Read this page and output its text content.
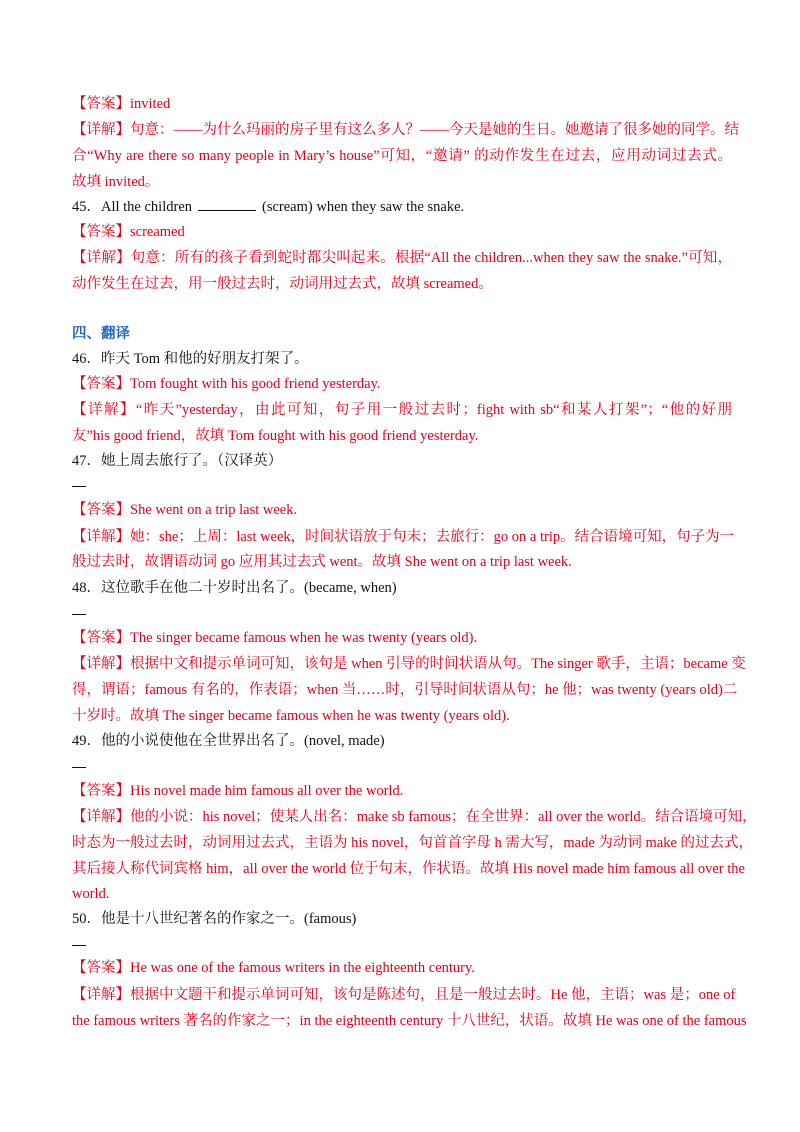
【答案】invited
【详解】句意：——为什么玛丽的房子里有这么多人？——今天是她的生日。她邀请了很多她的同学。结
合“Why are there so many people in Mary’s house”可知，“邀请” 的动作发生在过去，应用动词过去式。
故填 invited。
45．All the children	(scream) when they saw the snake.
【答案】screamed
【详解】句意：所有的孩子看到蛇时都尖叫起来。根据“All the children...when they saw the snake.”可知，
动作发生在过去，用一般过去时，动词用过去式，故填 screamed。
四、翻译
46．昨天 Tom 和他的好朋友打架了。
【答案】Tom fought with his good friend yesterday.
【详解】“昨天”yesterday，由此可知，句子用一般过去时；fight with sb“和某人打架”；“他的好朋
友”his good friend，故填 Tom fought with his good friend yesterday.
47．她上周去旅行了。（汉译英）
【答案】She went on a trip last week.
【详解】她：she；上周：last week，时间状语放于句末；去旅行：go on a trip。结合语境可知，句子为一
般过去时，故谓语动词 go 应用其过去式 went。故填 She went on a trip last week.
48．这位歌手在他二十岁时出名了。(became, when)
【答案】The singer became famous when he was twenty (years old).
【详解】根据中文和提示单词可知，该句是 when 引导的时间状语从句。The singer 歌手，主语；became 变
得，谓语；famous 有名的，作表语；when 当……时，引导时间状语从句；he 他；was twenty (years old)二
十岁时。故填 The singer became famous when he was twenty (years old).
49．他的小说使他在全世界出名了。(novel, made)
【答案】His novel made him famous all over the world.
【详解】他的小说：his novel；使某人出名：make sb famous；在全世界：all over the world。结合语境可知，
时态为一般过去时，动词用过去式，主语为 his novel，句首首字母 h 需大写，made 为动词 make 的过去式，
其后接人称代词宾格 him，all over the world 位于句末，作状语。故填 His novel made him famous all over the
world.
50．他是十八世纪著名的作家之一。(famous)
【答案】He was one of the famous writers in the eighteenth century.
【详解】根据中文题干和提示单词可知，该句是陈述句，且是一般过去时。He 他，主语；was 是；one of
the famous writers 著名的作家之一；in the eighteenth century 十八世纪，状语。故填 He was one of the famous
